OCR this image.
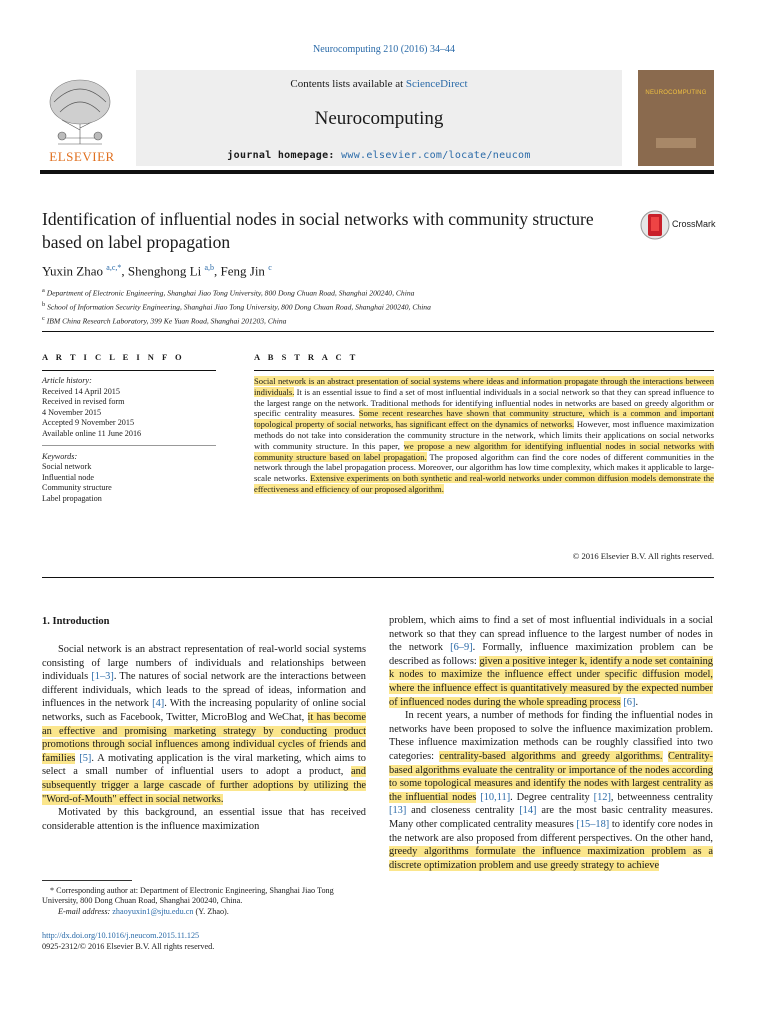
Neurocomputing 210 (2016) 34–44
ELSEVIER
Contents lists available at ScienceDirect
Neurocomputing
journal homepage: www.elsevier.com/locate/neucom
NEUROCOMPUTING
Identification of influential nodes in social networks with community structure based on label propagation
CrossMark
Yuxin Zhao $^{a,c,*}$, Shenghong Li $^{a,b}$, Feng Jin $^c$
$^a$ Department of Electronic Engineering, Shanghai Jiao Tong University, 800 Dong Chuan Road, Shanghai 200240, China
$^b$ School of Information Security Engineering, Shanghai Jiao Tong University, 800 Dong Chuan Road, Shanghai 200240, China
$^c$ IBM China Research Laboratory, 399 Ke Yuan Road, Shanghai 201203, China
A R T I C L E I N F O	A B S T R A C T
Article history:
Received 14 April 2015
Received in revised form
4 November 2015
Accepted 9 November 2015
Available online 11 June 2016
Keywords:
Social network
Influential node
Community structure
Label propagation
Social network is an abstract presentation of social systems where ideas and information propagate through the interactions between individuals. It is an essential issue to find a set of most influential individuals in a social network so that they can spread influence to the largest range on the network. Traditional methods for identifying influential nodes in networks are based on greedy algorithm or specific centrality measures. Some recent researches have shown that community structure, which is a common and important topological property of social networks, has significant effect on the dynamics of networks. However, most influence maximization methods do not take into consideration the community structure in the network, which limits their applications on social networks with community structure. In this paper, we propose a new algorithm for identifying influential nodes in social networks with community structure based on label propagation. The proposed algorithm can find the core nodes of different communities in the network through the label propagation process. Moreover, our algorithm has low time complexity, which makes it applicable to large-scale networks. Extensive experiments on both synthetic and real-world networks under common diffusion models demonstrate the effectiveness and efficiency of our proposed algorithm.
© 2016 Elsevier B.V. All rights reserved.
1. Introduction

Social network is an abstract representation of real-world social systems consisting of large numbers of individuals and relationships between individuals [1–3]. The natures of social network are the interactions between different individuals, which leads to the spread of ideas, information and influences in the network [4]. With the increasing popularity of online social networks, such as Facebook, Twitter, MicroBlog and WeChat, it has become an effective and promising marketing strategy by conducting product promotions through social influences among individual cycles of friends and families [5]. A motivating application is the viral marketing, which aims to select a small number of influential users to adopt a product, and subsequently trigger a large cascade of further adoptions by utilizing the "Word-of-Mouth" effect in social networks.

Motivated by this background, an essential issue that has received considerable attention is the influence maximization

problem, which aims to find a set of most influential individuals in a social network so that they can spread influence to the largest number of nodes in the network [6–9]. Formally, influence maximization problem can be described as follows: given a positive integer k, identify a node set containing k nodes to maximize the influence effect under specific diffusion model, where the influence effect is quantitatively measured by the expected number of influenced nodes during the whole spreading process [6].

In recent years, a number of methods for finding the influential nodes in networks have been proposed to solve the influence maximization problem. These influence maximization methods can be roughly classified into two categories: centrality-based algorithms and greedy algorithms. Centrality-based algorithms evaluate the centrality or importance of the nodes according to some topological measures and identify the nodes with largest centrality as the influential nodes [10,11]. Degree centrality [12], betweenness centrality [13] and closeness centrality [14] are the most basic centrality measures. Many other complicated centrality measures [15–18] to identify core nodes in the network are also proposed from different perspectives. On the other hand, greedy algorithms formulate the influence maximization problem as a discrete optimization problem and use greedy strategy to achieve

* Corresponding author at: Department of Electronic Engineering, Shanghai Jiao Tong University, 800 Dong Chuan Road, Shanghai 200240, China.
E-mail address: zhaoyuxin1@sjtu.edu.cn (Y. Zhao).
http://dx.doi.org/10.1016/j.neucom.2015.11.125
0925-2312/© 2016 Elsevier B.V. All rights reserved.
